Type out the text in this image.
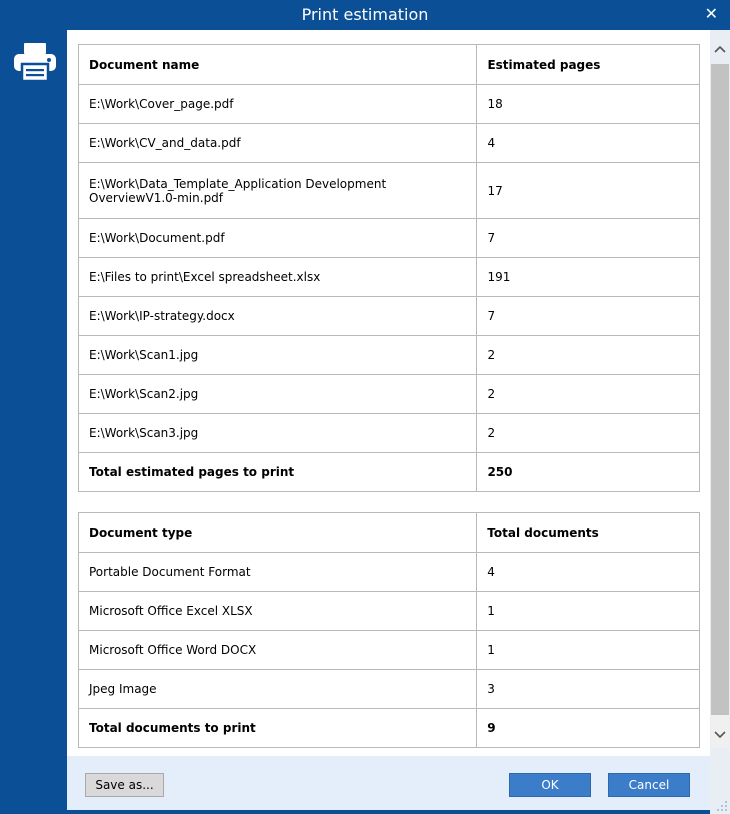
Print estimation	✕
Document name	Estimated pages
E:\Work\Cover_page.pdf	18
E:\Work\CV_and_data.pdf	4
E:\Work\Data_Template_Application Development OverviewV1.0-min.pdf	17
E:\Work\Document.pdf	7
E:\Files to print\Excel spreadsheet.xlsx	191
E:\Work\IP-strategy.docx	7
E:\Work\Scan1.jpg	2
E:\Work\Scan2.jpg	2
E:\Work\Scan3.jpg	2
Total estimated pages to print	250
Document type	Total documents
Portable Document Format	4
Microsoft Office Excel XLSX	1
Microsoft Office Word DOCX	1
Jpeg Image	3
Total documents to print	9
Save as...	OK	Cancel
